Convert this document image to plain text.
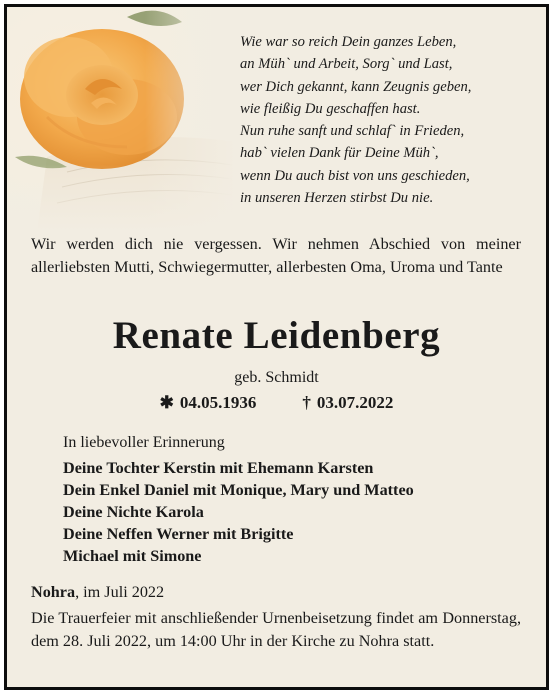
Wie war so reich Dein ganzes Leben,
an Müh` und Arbeit, Sorg` und Last,
wer Dich gekannt, kann Zeugnis geben,
wie fleißig Du geschaffen hast.
Nun ruhe sanft und schlaf` in Frieden,
hab` vielen Dank für Deine Müh`,
wenn Du auch bist von uns geschieden,
in unseren Herzen stirbst Du nie.
Wir werden dich nie vergessen. Wir nehmen Abschied von meiner allerliebsten Mutti, Schwiegermutter, allerbesten Oma, Uroma und Tante
Renate Leidenberg
geb. Schmidt
✱ 04.05.1936	† 03.07.2022
In liebevoller Erinnerung
Deine Tochter Kerstin mit Ehemann Karsten
Dein Enkel Daniel mit Monique, Mary und Matteo
Deine Nichte Karola
Deine Neffen Werner mit Brigitte
Michael mit Simone
Nohra, im Juli 2022
Die Trauerfeier mit anschließender Urnenbeisetzung findet am Donnerstag, dem 28. Juli 2022, um 14:00 Uhr in der Kirche zu Nohra statt.
